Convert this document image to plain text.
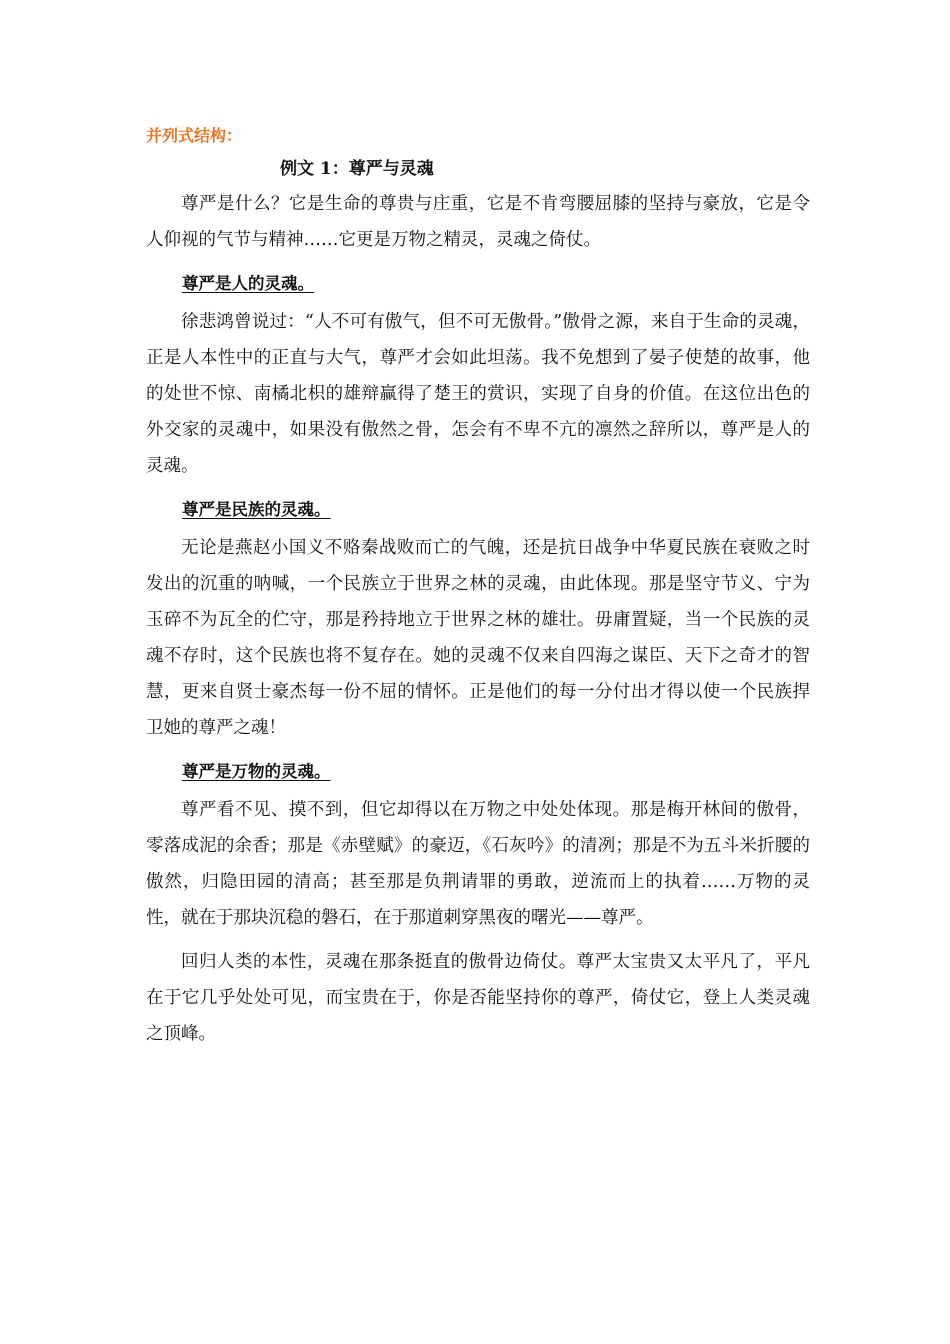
并列式结构：
例文 1：尊严与灵魂

尊严是什么？它是生命的尊贵与庄重，它是不肯弯腰屈膝的坚持与豪放，它是令人仰视的气节与精神……它更是万物之精灵，灵魂之倚仗。

尊严是人的灵魂。

徐悲鸿曾说过：“人不可有傲气，但不可无傲骨。”傲骨之源，来自于生命的灵魂，正是人本性中的正直与大气，尊严才会如此坦荡。我不免想到了晏子使楚的故事，他的处世不惊、南橘北枳的雄辩赢得了楚王的赏识，实现了自身的价值。在这位出色的外交家的灵魂中，如果没有傲然之骨，怎会有不卑不亢的凛然之辞所以，尊严是人的灵魂。

尊严是民族的灵魂。

无论是燕赵小国义不赂秦战败而亡的气魄，还是抗日战争中华夏民族在衰败之时发出的沉重的呐喊，一个民族立于世界之林的灵魂，由此体现。那是坚守节义、宁为玉碎不为瓦全的伫守，那是矜持地立于世界之林的雄壮。毋庸置疑，当一个民族的灵魂不存时，这个民族也将不复存在。她的灵魂不仅来自四海之谋臣、天下之奇才的智慧，更来自贤士豪杰每一份不屈的情怀。正是他们的每一分付出才得以使一个民族捍卫她的尊严之魂！

尊严是万物的灵魂。

尊严看不见、摸不到，但它却得以在万物之中处处体现。那是梅开林间的傲骨，零落成泥的余香；那是《赤壁赋》的豪迈，《石灰吟》的清冽；那是不为五斗米折腰的傲然，归隐田园的清高；甚至那是负荆请罪的勇敢，逆流而上的执着……万物的灵性，就在于那块沉稳的磐石，在于那道刺穿黑夜的曙光——尊严。

回归人类的本性，灵魂在那条挺直的傲骨边倚仗。尊严太宝贵又太平凡了，平凡在于它几乎处处可见，而宝贵在于，你是否能坚持你的尊严，倚仗它，登上人类灵魂之顶峰。
